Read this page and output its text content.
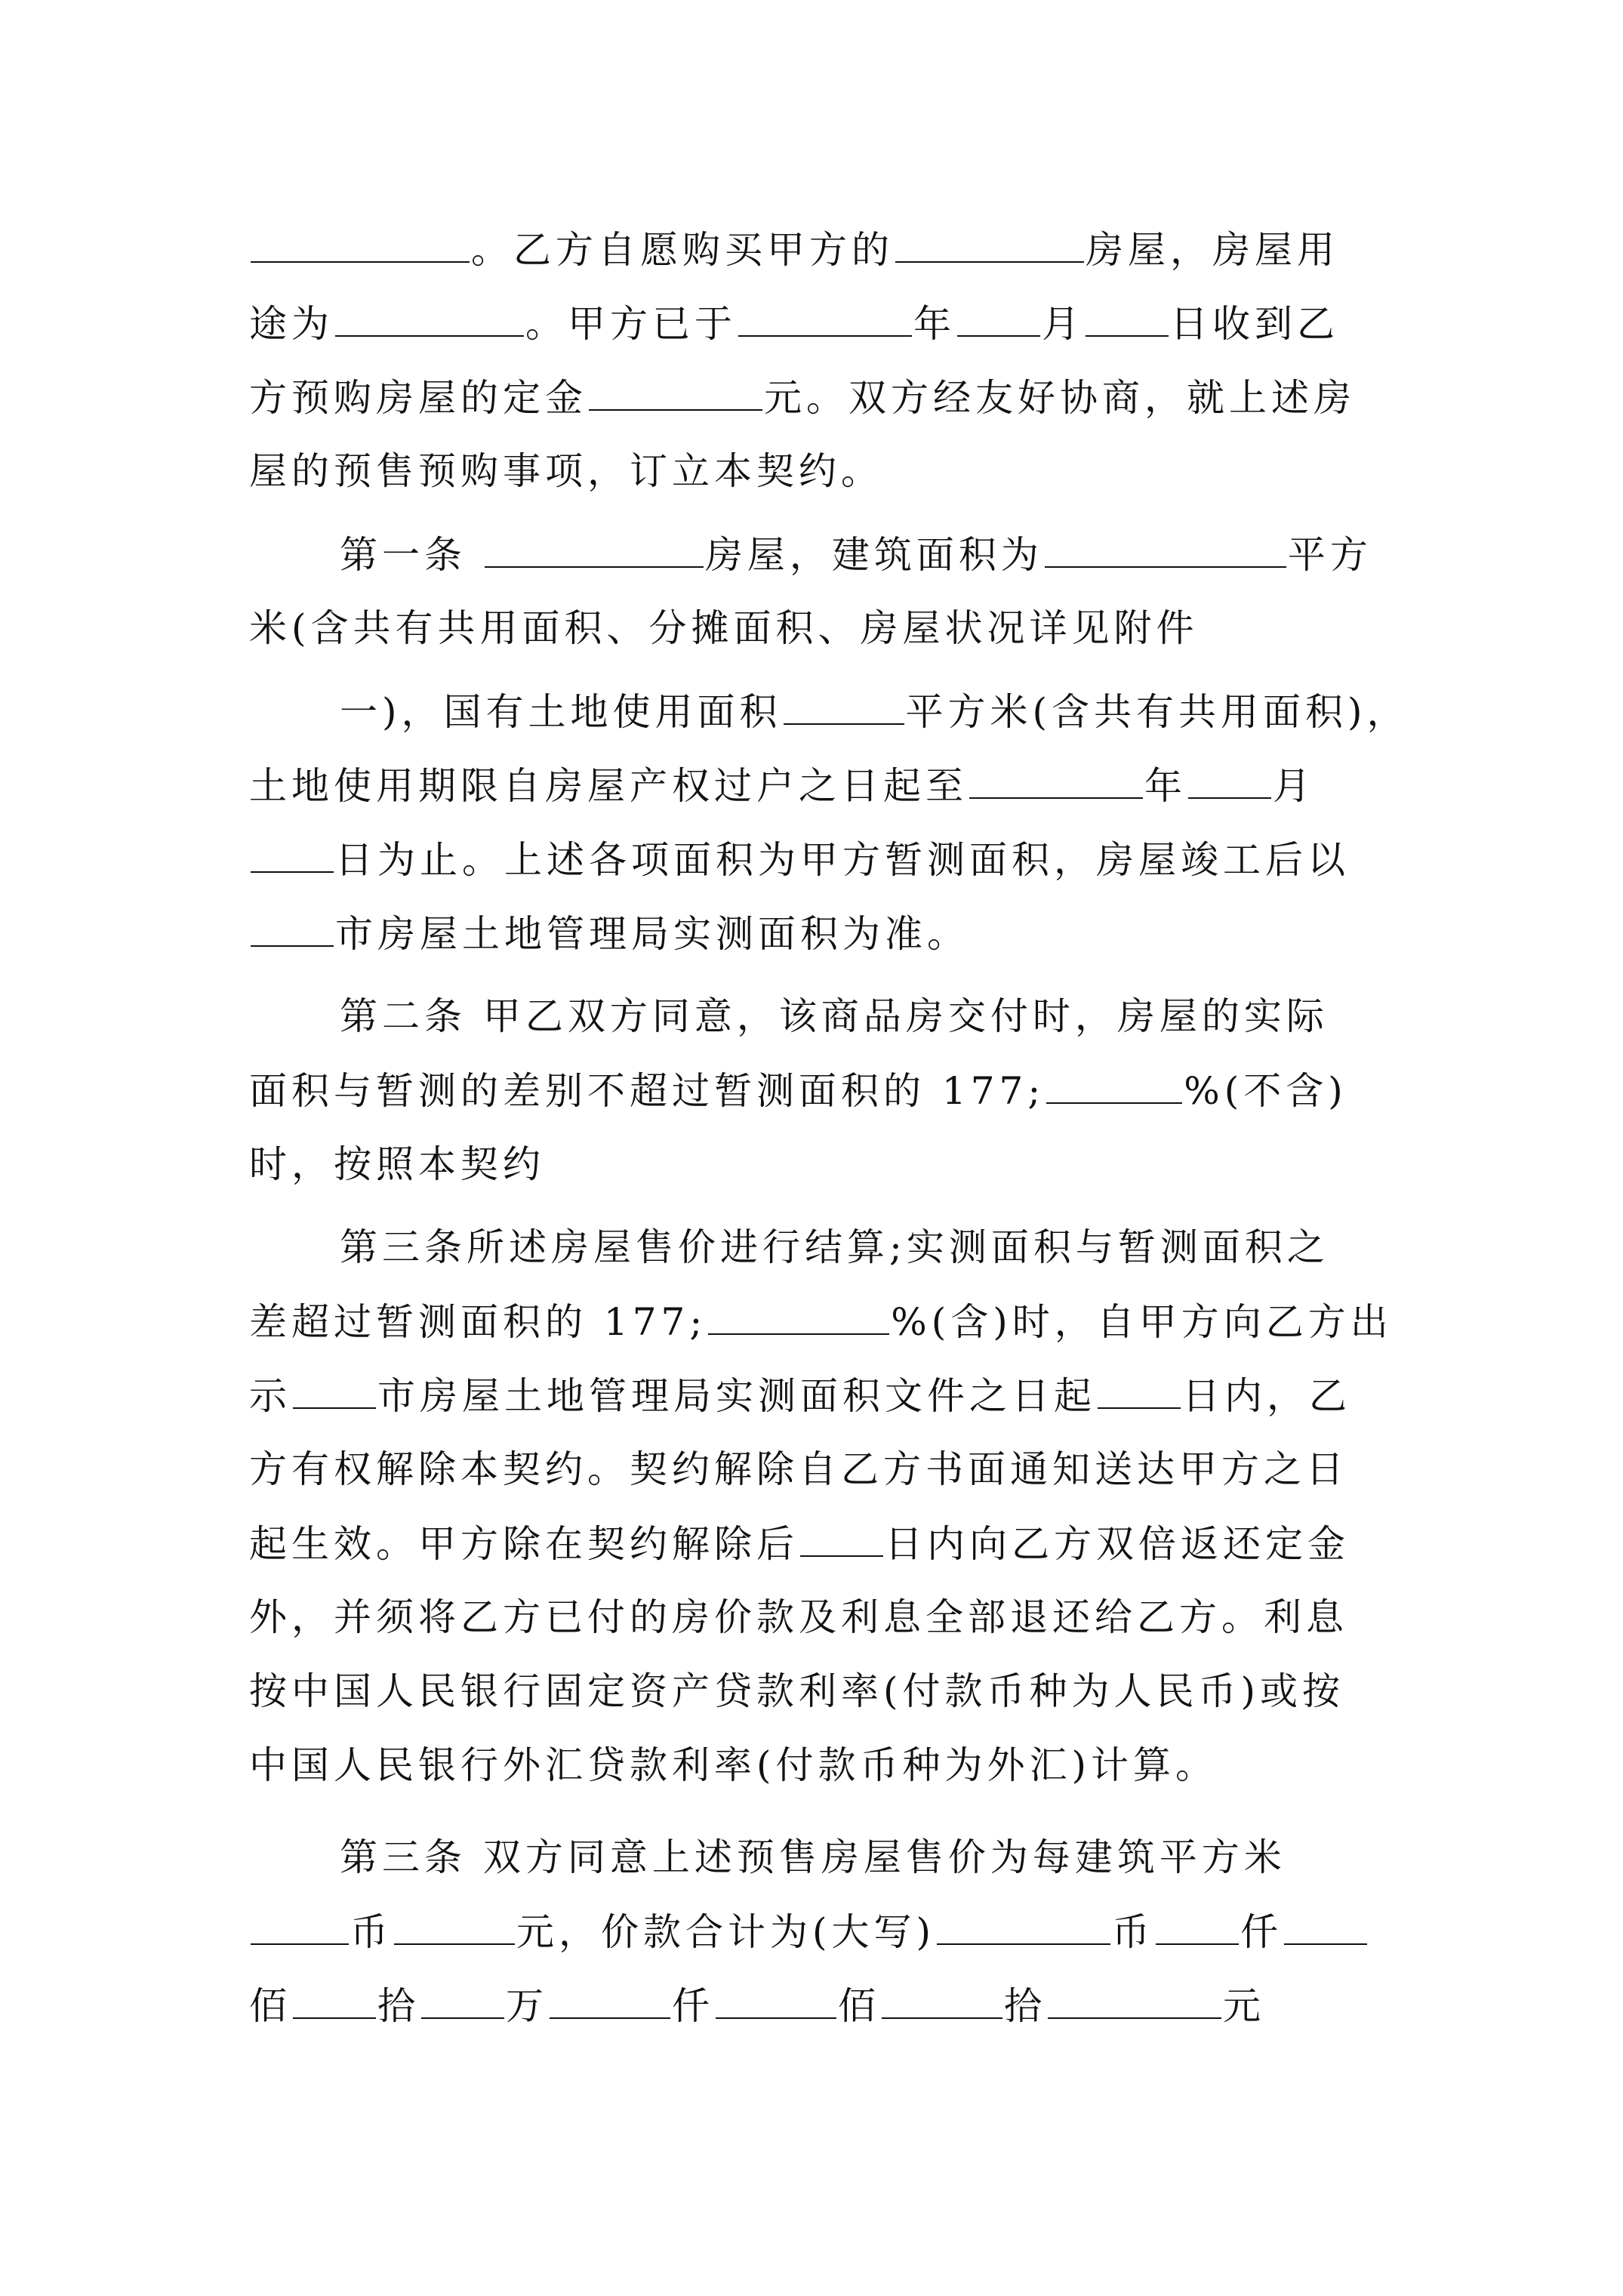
。乙方自愿购买甲方的	房屋，房屋用
途为	。甲方已于	年 月 日收到乙
方预购房屋的定金	元。双方经友好协商，就上述房
屋的预售预购事项，订立本契约。
第一条	房屋，建筑面积为	平方
米(含共有共用面积、分摊面积、房屋状况详见附件
一)，国有土地使用面积	平方米(含共有共用面积)，
土地使用期限自房屋产权过户之日起至	年 月
日为止。上述各项面积为甲方暂测面积，房屋竣工后以
市房屋土地管理局实测面积为准。
第二条 甲乙双方同意，该商品房交付时，房屋的实际
面积与暂测的差别不超过暂测面积的 177;	%(不含)
时，按照本契约
第三条所述房屋售价进行结算;实测面积与暂测面积之
差超过暂测面积的 177;	%(含)时，自甲方向乙方出
示 市房屋土地管理局实测面积文件之日起 日内，乙
方有权解除本契约。契约解除自乙方书面通知送达甲方之日
起生效。甲方除在契约解除后 日内向乙方双倍返还定金
外，并须将乙方已付的房价款及利息全部退还给乙方。利息
按中国人民银行固定资产贷款利率(付款币种为人民币)或按
中国人民银行外汇贷款利率(付款币种为外汇)计算。
第三条 双方同意上述预售房屋售价为每建筑平方米
币	元，价款合计为(大写)	币 仟
佰 拾 万	仟	佰	拾	元
